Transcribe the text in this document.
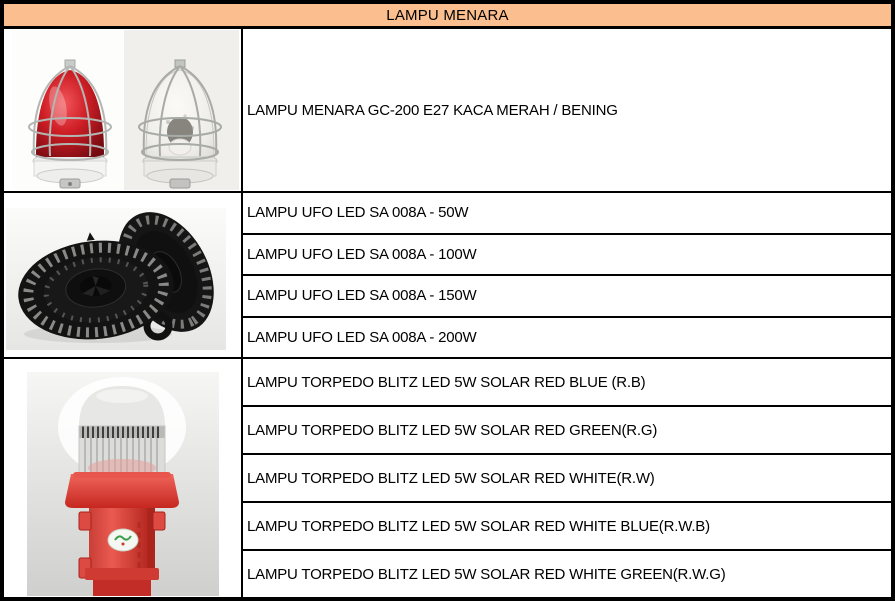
LAMPU MENARA
LAMPU MENARA GC-200 E27 KACA MERAH / BENING
LAMPU UFO LED SA 008A - 50W
LAMPU UFO LED SA 008A - 100W
LAMPU UFO LED SA 008A - 150W
LAMPU UFO LED SA 008A - 200W
LAMPU TORPEDO BLITZ LED 5W SOLAR RED BLUE (R.B)
LAMPU TORPEDO BLITZ LED 5W SOLAR RED GREEN(R.G)
LAMPU TORPEDO BLITZ LED 5W SOLAR RED WHITE(R.W)
LAMPU TORPEDO BLITZ LED 5W SOLAR RED WHITE BLUE(R.W.B)
LAMPU TORPEDO BLITZ LED 5W SOLAR RED WHITE GREEN(R.W.G)
